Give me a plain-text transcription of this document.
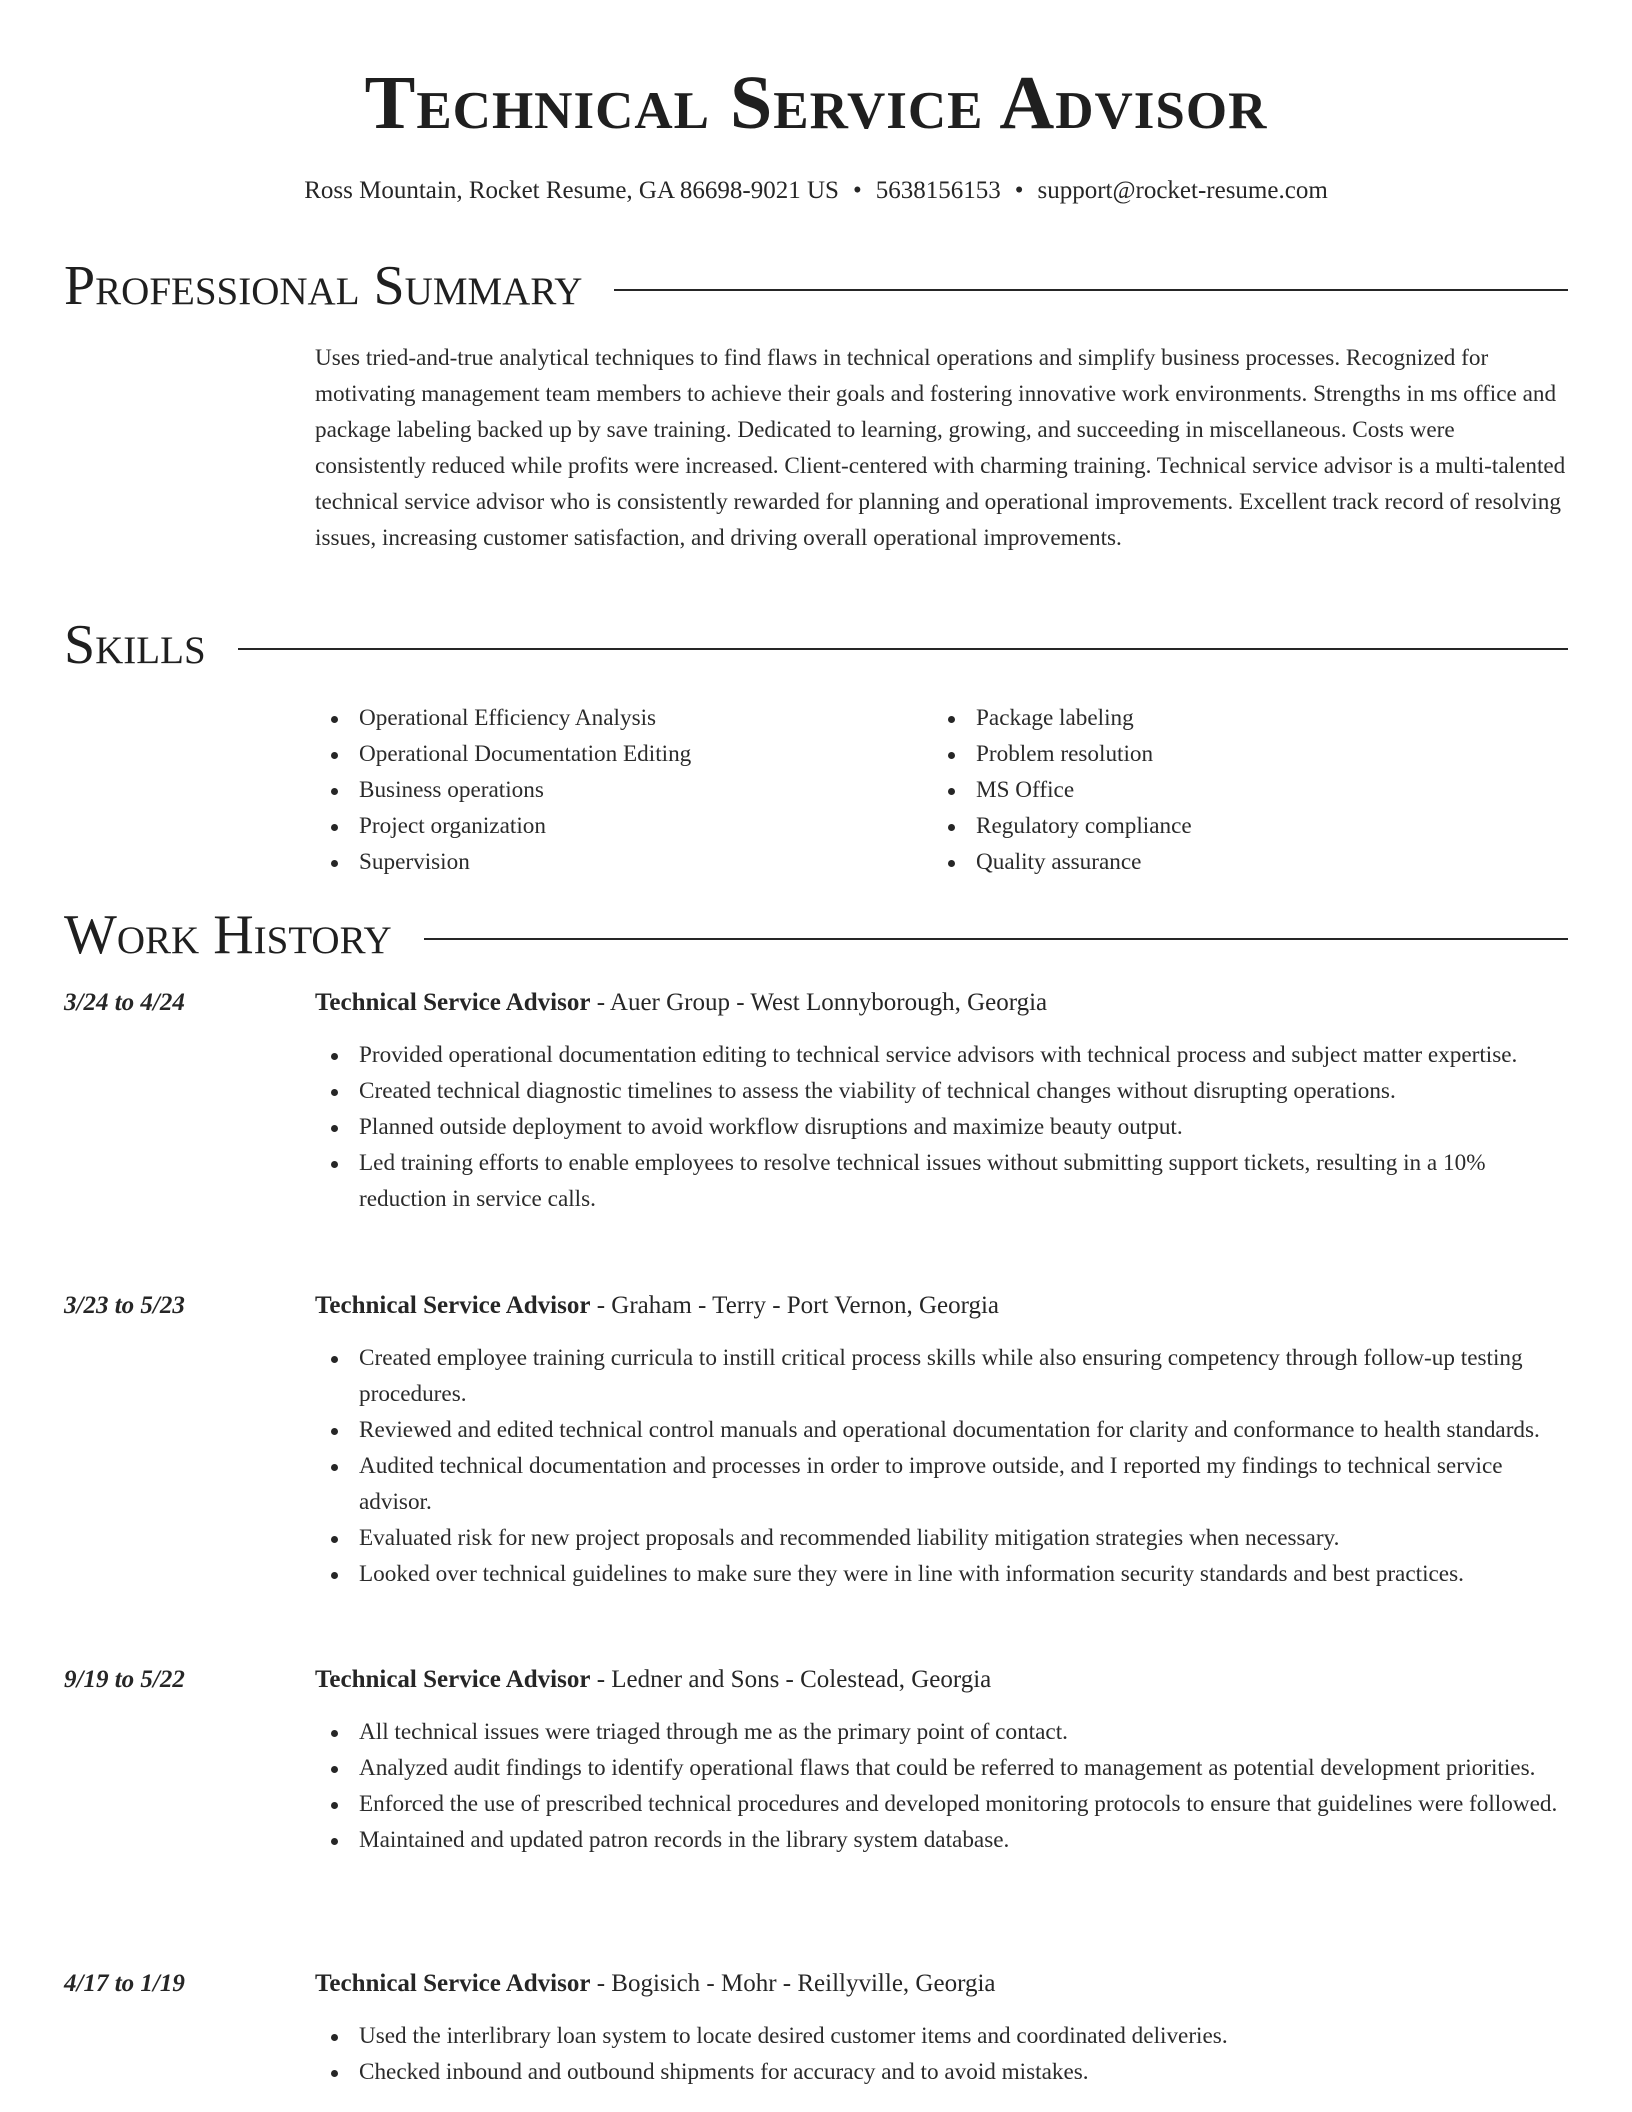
Technical Service Advisor
Ross Mountain, Rocket Resume, GA 86698-9021 US • 5638156153 • support@rocket-resume.com
Professional Summary

Uses tried-and-true analytical techniques to find flaws in technical operations and simplify business processes. Recognized for motivating management team members to achieve their goals and fostering innovative work environments. Strengths in ms office and package labeling backed up by save training. Dedicated to learning, growing, and succeeding in miscellaneous. Costs were consistently reduced while profits were increased. Client-centered with charming training. Technical service advisor is a multi-talented technical service advisor who is consistently rewarded for planning and operational improvements. Excellent track record of resolving issues, increasing customer satisfaction, and driving overall operational improvements.

Skills
Operational Efficiency Analysis
Operational Documentation Editing
Business operations
Project organization
Supervision
Package labeling
Problem resolution
MS Office
Regulatory compliance
Quality assurance
Work History
3/24 to 4/24	Technical Service Advisor - Auer Group - West Lonnyborough, Georgia
Provided operational documentation editing to technical service advisors with technical process and subject matter expertise.
Created technical diagnostic timelines to assess the viability of technical changes without disrupting operations.
Planned outside deployment to avoid workflow disruptions and maximize beauty output.
Led training efforts to enable employees to resolve technical issues without submitting support tickets, resulting in a 10% reduction in service calls.
3/23 to 5/23	Technical Service Advisor - Graham - Terry - Port Vernon, Georgia
Created employee training curricula to instill critical process skills while also ensuring competency through follow-up testing procedures.
Reviewed and edited technical control manuals and operational documentation for clarity and conformance to health standards.
Audited technical documentation and processes in order to improve outside, and I reported my findings to technical service advisor.
Evaluated risk for new project proposals and recommended liability mitigation strategies when necessary.
Looked over technical guidelines to make sure they were in line with information security standards and best practices.
9/19 to 5/22	Technical Service Advisor - Ledner and Sons - Colestead, Georgia
All technical issues were triaged through me as the primary point of contact.
Analyzed audit findings to identify operational flaws that could be referred to management as potential development priorities.
Enforced the use of prescribed technical procedures and developed monitoring protocols to ensure that guidelines were followed.
Maintained and updated patron records in the library system database.
4/17 to 1/19	Technical Service Advisor - Bogisich - Mohr - Reillyville, Georgia
Used the interlibrary loan system to locate desired customer items and coordinated deliveries.
Checked inbound and outbound shipments for accuracy and to avoid mistakes.
